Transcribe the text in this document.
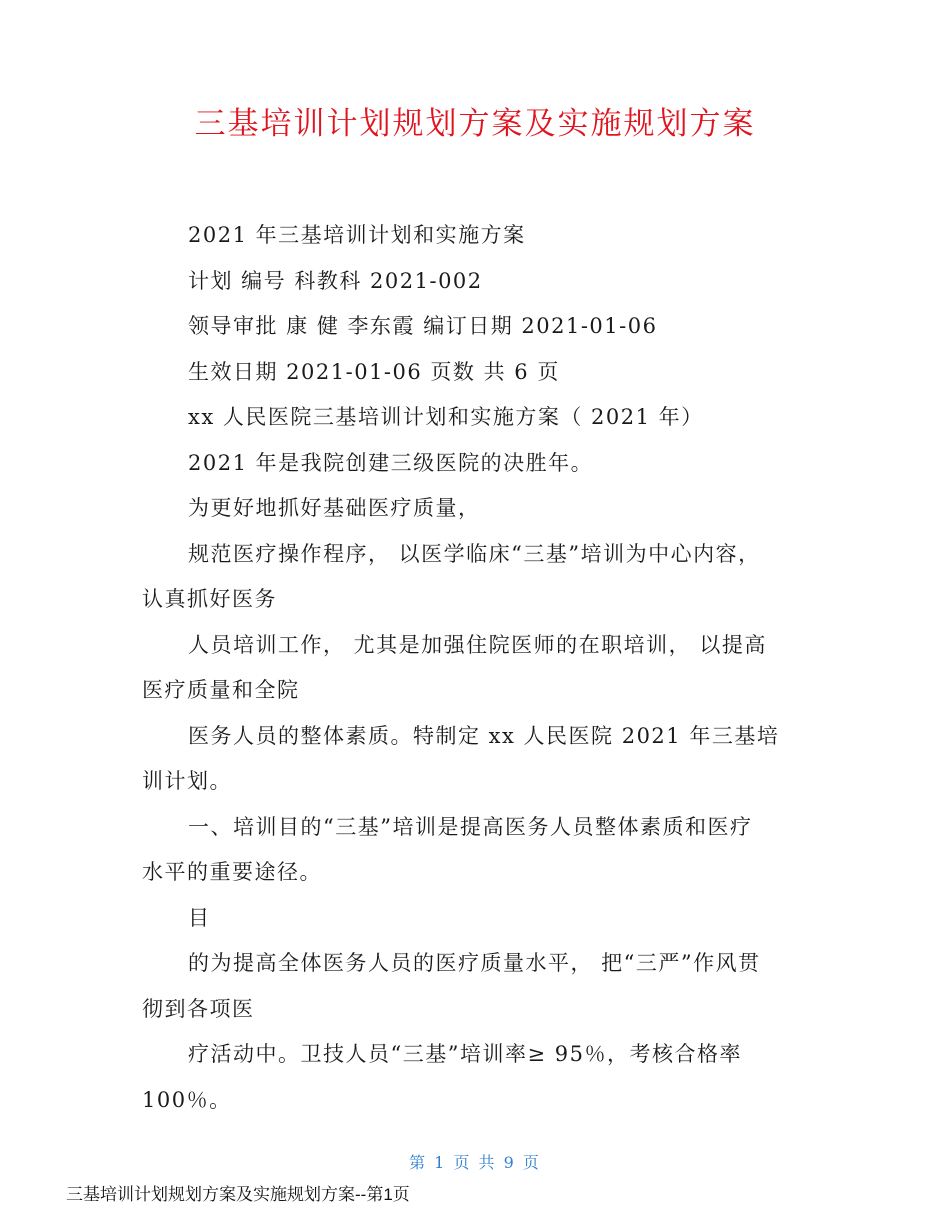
三基培训计划规划方案及实施规划方案

2021 年三基培训计划和实施方案

计划 编号 科教科 2021-002

领导审批 康 健 李东霞 编订日期 2021-01-06

生效日期 2021-01-06 页数 共 6 页

xx 人民医院三基培训计划和实施方案（ 2021 年）

2021 年是我院创建三级医院的决胜年。

为更好地抓好基础医疗质量，

规范医疗操作程序， 以医学临床“三基”培训为中心内容，

认真抓好医务

人员培训工作， 尤其是加强住院医师的在职培训， 以提高

医疗质量和全院

医务人员的整体素质。特制定 xx 人民医院 2021 年三基培

训计划。

一、培训目的“三基”培训是提高医务人员整体素质和医疗

水平的重要途径。

目

的为提高全体医务人员的医疗质量水平， 把“三严”作风贯

彻到各项医

疗活动中。卫技人员“三基”培训率≥ 95％，考核合格率

100％。

第 1 页 共 9 页
三基培训计划规划方案及实施规划方案--第1页
